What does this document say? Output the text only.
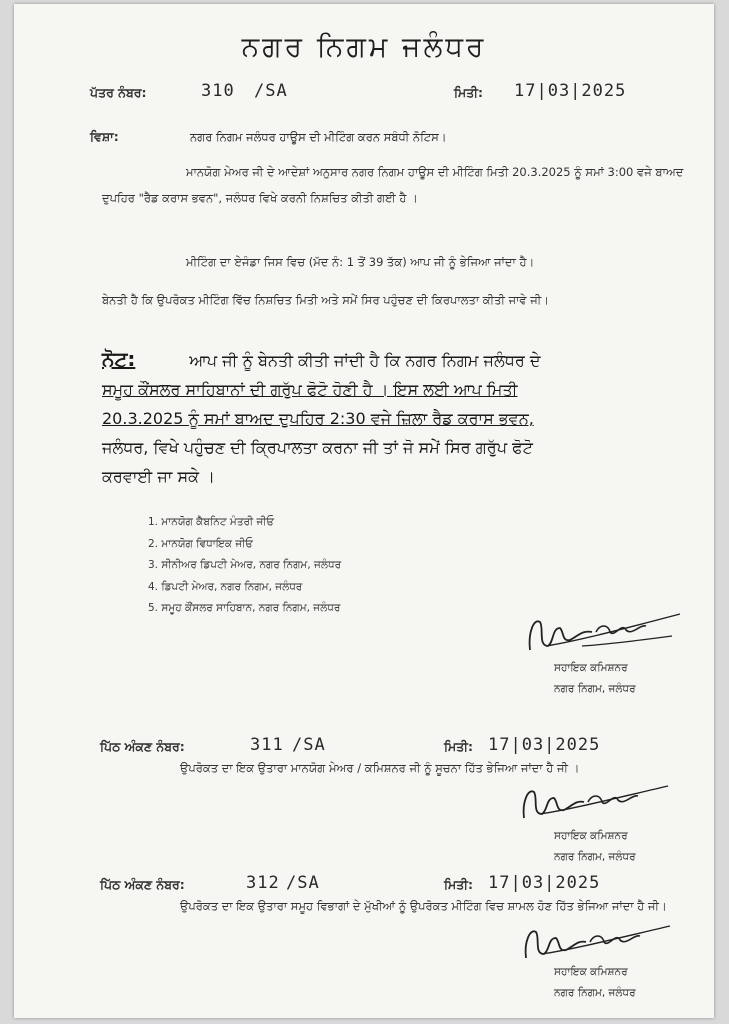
ਨਗਰ ਨਿਗਮ ਜਲੰਧਰ
ਪੱਤਰ ਨੰਬਰ:	310 /SA	ਮਿਤੀ: 17|03|2025
ਵਿਸ਼ਾ:	ਨਗਰ ਨਿਗਮ ਜਲੰਧਰ ਹਾਊਸ ਦੀ ਮੀਟਿੰਗ ਕਰਨ ਸਬੰਧੀ ਨੋਟਿਸ।
ਮਾਨਯੋਗ ਮੇਅਰ ਜੀ ਦੇ ਆਦੇਸ਼ਾਂ ਅਨੁਸਾਰ ਨਗਰ ਨਿਗਮ ਹਾਊਸ ਦੀ ਮੀਟਿੰਗ ਮਿਤੀ 20.3.2025 ਨੂੰ ਸਮਾਂ 3:00 ਵਜੇ ਬਾਅਦ ਦੁਪਹਿਰ "ਰੈਡ ਕਰਾਸ ਭਵਨ", ਜਲੰਧਰ ਵਿਖੇ ਕਰਨੀ ਨਿਸ਼ਚਿਤ ਕੀਤੀ ਗਈ ਹੈ ।
ਮੀਟਿੰਗ ਦਾ ਏਜੰਡਾ ਜਿਸ ਵਿਚ (ਮੱਦ ਨੰ: 1 ਤੋਂ 39 ਤੱਕ) ਆਪ ਜੀ ਨੂੰ ਭੇਜਿਆ ਜਾਂਦਾ ਹੈ।
ਬੇਨਤੀ ਹੈ ਕਿ ਉਪਰੋਕਤ ਮੀਟਿੰਗ ਵਿੱਚ ਨਿਸ਼ਚਿਤ ਮਿਤੀ ਅਤੇ ਸਮੇਂ ਸਿਰ ਪਹੁੰਚਣ ਦੀ ਕਿਰਪਾਲਤਾ ਕੀਤੀ ਜਾਵੇ ਜੀ।
ਨੋਟ:	ਆਪ ਜੀ ਨੂੰ ਬੇਨਤੀ ਕੀਤੀ ਜਾਂਦੀ ਹੈ ਕਿ ਨਗਰ ਨਿਗਮ ਜਲੰਧਰ ਦੇ
ਸਮੂਹ ਕੌਂਸਲਰ ਸਾਹਿਬਾਨਾਂ ਦੀ ਗਰੁੱਪ ਫੋਟੋ ਹੋਣੀ ਹੈ । ਇਸ ਲਈ ਆਪ ਮਿਤੀ
20.3.2025 ਨੂੰ ਸਮਾਂ ਬਾਅਦ ਦੁਪਹਿਰ 2:30 ਵਜੇ ਜ਼ਿਲਾ ਰੈਡ ਕਰਾਸ ਭਵਨ,
ਜਲੰਧਰ, ਵਿਖੇ ਪਹੁੰਚਣ ਦੀ ਕ੍ਰਿਪਾਲਤਾ ਕਰਨਾ ਜੀ ਤਾਂ ਜੋ ਸਮੇਂ ਸਿਰ ਗਰੁੱਪ ਫੋਟੋ
ਕਰਵਾਈ ਜਾ ਸਕੇ ।
1. ਮਾਨਯੋਗ ਕੈਬਨਿਟ ਮੰਤਰੀ ਜੀਓ
2. ਮਾਨਯੋਗ ਵਿਧਾਇਕ ਜੀਓ
3. ਸੀਨੀਅਰ ਡਿਪਟੀ ਮੇਅਰ, ਨਗਰ ਨਿਗਮ, ਜਲੰਧਰ
4. ਡਿਪਟੀ ਮੇਅਰ, ਨਗਰ ਨਿਗਮ, ਜਲੰਧਰ
5. ਸਮੂਹ ਕੌਂਸਲਰ ਸਾਹਿਬਾਨ, ਨਗਰ ਨਿਗਮ, ਜਲੰਧਰ
ਸਹਾਇਕ ਕਮਿਸ਼ਨਰ
ਨਗਰ ਨਿਗਮ, ਜਲੰਧਰ
ਪਿੱਠ ਅੰਕਣ ਨੰਬਰ:	311 /SA	ਮਿਤੀ: 17|03|2025
ਉਪਰੋਕਤ ਦਾ ਇਕ ਉਤਾਰਾ ਮਾਨਯੋਗ ਮੇਅਰ / ਕਮਿਸ਼ਨਰ ਜੀ ਨੂੰ ਸੂਚਨਾ ਹਿੱਤ ਭੇਜਿਆ ਜਾਂਦਾ ਹੈ ਜੀ ।
ਸਹਾਇਕ ਕਮਿਸ਼ਨਰ
ਨਗਰ ਨਿਗਮ, ਜਲੰਧਰ
ਪਿੱਠ ਅੰਕਣ ਨੰਬਰ:	312 /SA	ਮਿਤੀ: 17|03|2025
ਉਪਰੋਕਤ ਦਾ ਇਕ ਉਤਾਰਾ ਸਮੂਹ ਵਿਭਾਗਾਂ ਦੇ ਮੁੱਖੀਆਂ ਨੂੰ ਉਪਰੋਕਤ ਮੀਟਿੰਗ ਵਿਚ ਸ਼ਾਮਲ ਹੋਣ ਹਿੱਤ ਭੇਜਿਆ ਜਾਂਦਾ ਹੈ ਜੀ।
ਸਹਾਇਕ ਕਮਿਸ਼ਨਰ
ਨਗਰ ਨਿਗਮ, ਜਲੰਧਰ
